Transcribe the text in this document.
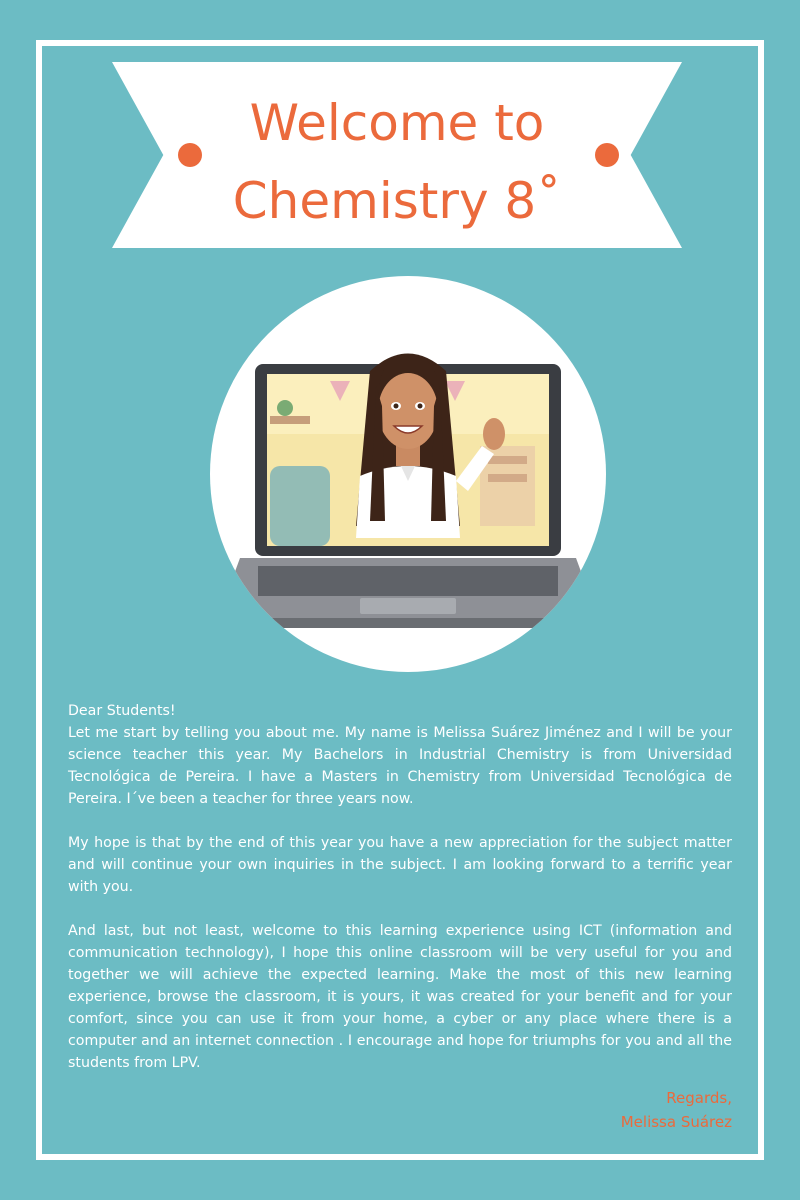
Welcome to
Chemistry 8˚

Dear Students!

Let me start by telling you about me. My name is Melissa Suárez Jiménez and I will be your science teacher this year. My Bachelors in Industrial Chemistry is from Universidad Tecnológica de Pereira. I have a Masters in Chemistry from Universidad Tecnológica de Pereira. I´ve been a teacher for three years now.

My hope is that by the end of this year you have a new appreciation for the subject matter and will continue your own inquiries in the subject. I am looking forward to a terrific year with you.

And last, but not least, welcome to this learning experience using ICT (information and communication technology), I hope this online classroom will be very useful for you and together we will achieve the expected learning. Make the most of this new learning experience, browse the classroom, it is yours, it was created for your benefit and for your comfort, since you can use it from your home, a cyber or any place where there is a computer and an internet connection . I encourage and hope for triumphs for you and all the students from LPV.

Regards,
Melissa Suárez
